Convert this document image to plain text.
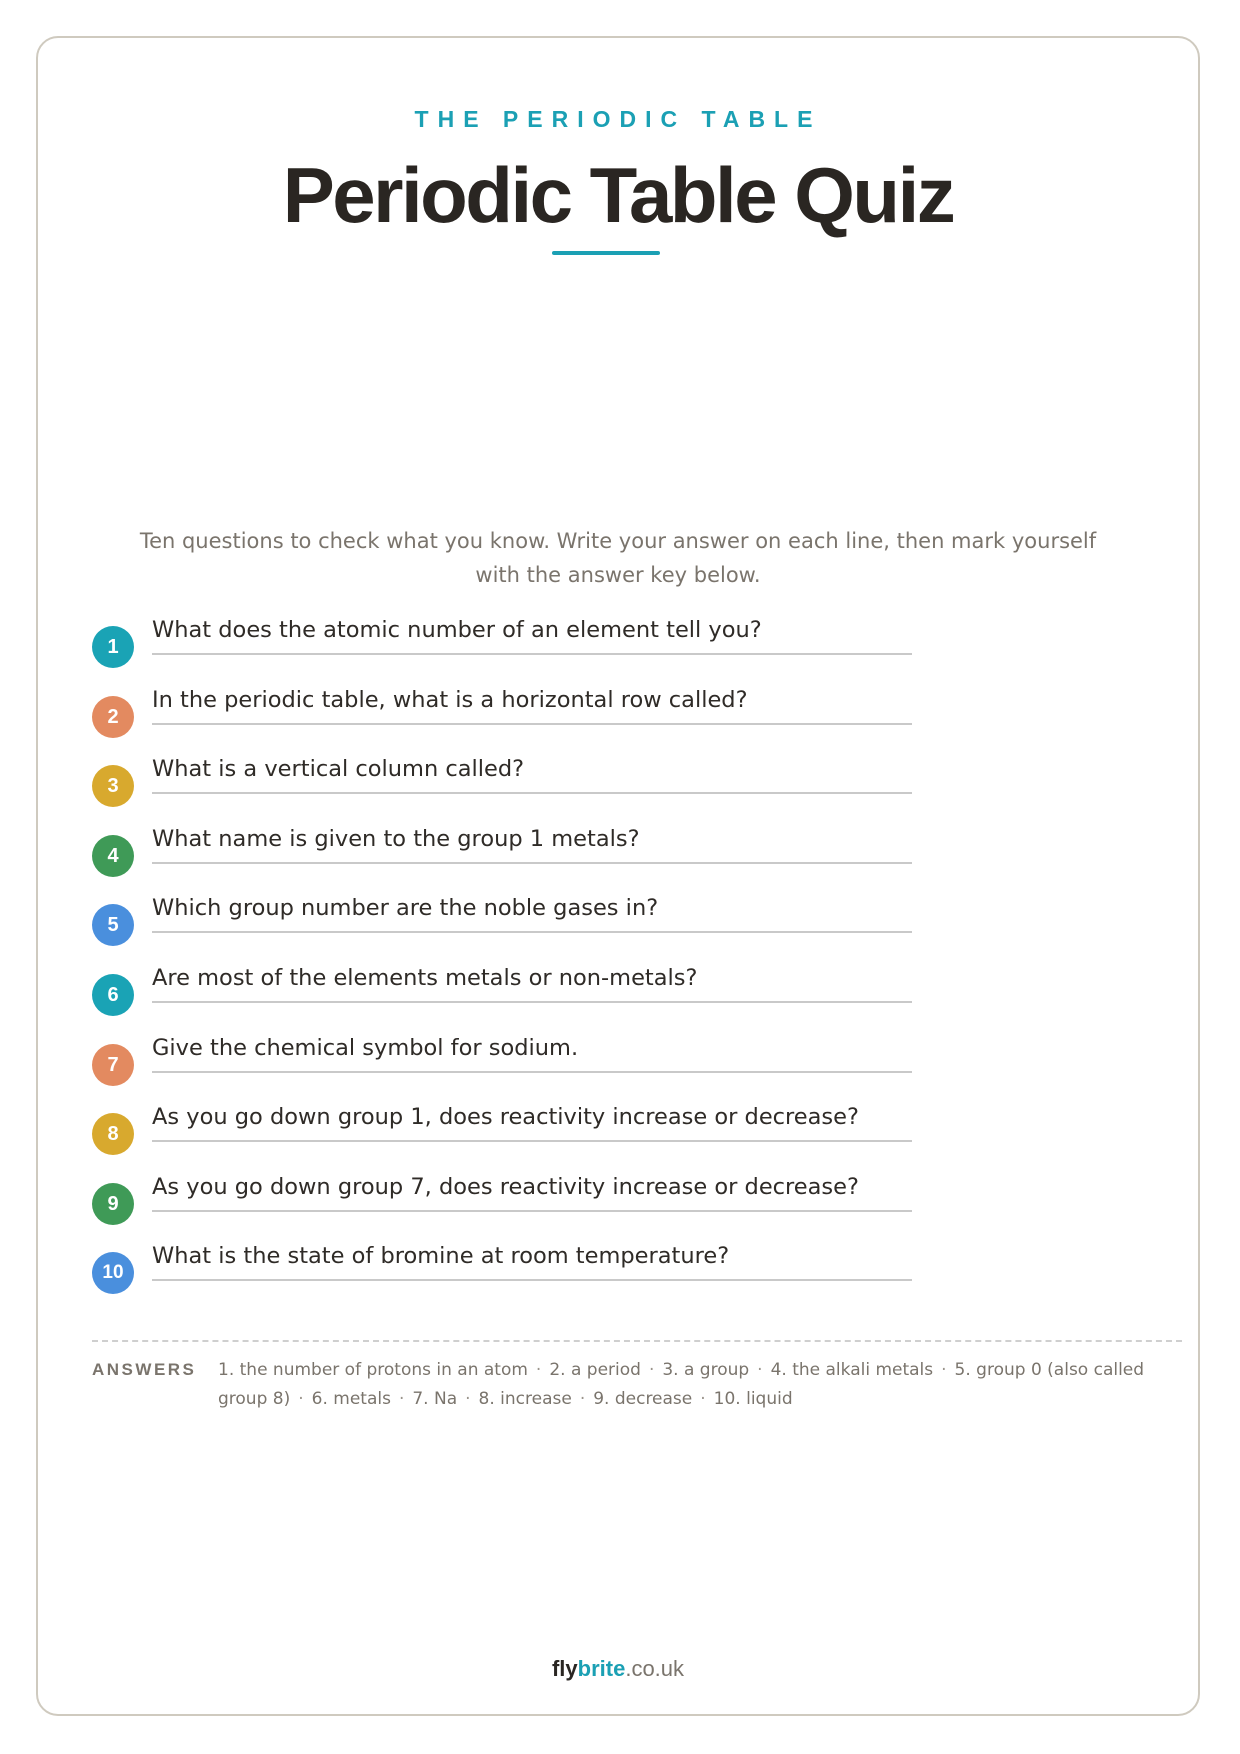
THE PERIODIC TABLE
Periodic Table Quiz
Ten questions to check what you know. Write your answer on each line, then mark yourself with the answer key below.
1
What does the atomic number of an element tell you?
2
In the periodic table, what is a horizontal row called?
3
What is a vertical column called?
4
What name is given to the group 1 metals?
5
Which group number are the noble gases in?
6
Are most of the elements metals or non-metals?
7
Give the chemical symbol for sodium.
8
As you go down group 1, does reactivity increase or decrease?
9
As you go down group 7, does reactivity increase or decrease?
10
What is the state of bromine at room temperature?
ANSWERS 1. the number of protons in an atom · 2. a period · 3. a group · 4. the alkali metals · 5. group 0 (also called group 8) · 6. metals · 7. Na · 8. increase · 9. decrease · 10. liquid
flybrite.co.uk
